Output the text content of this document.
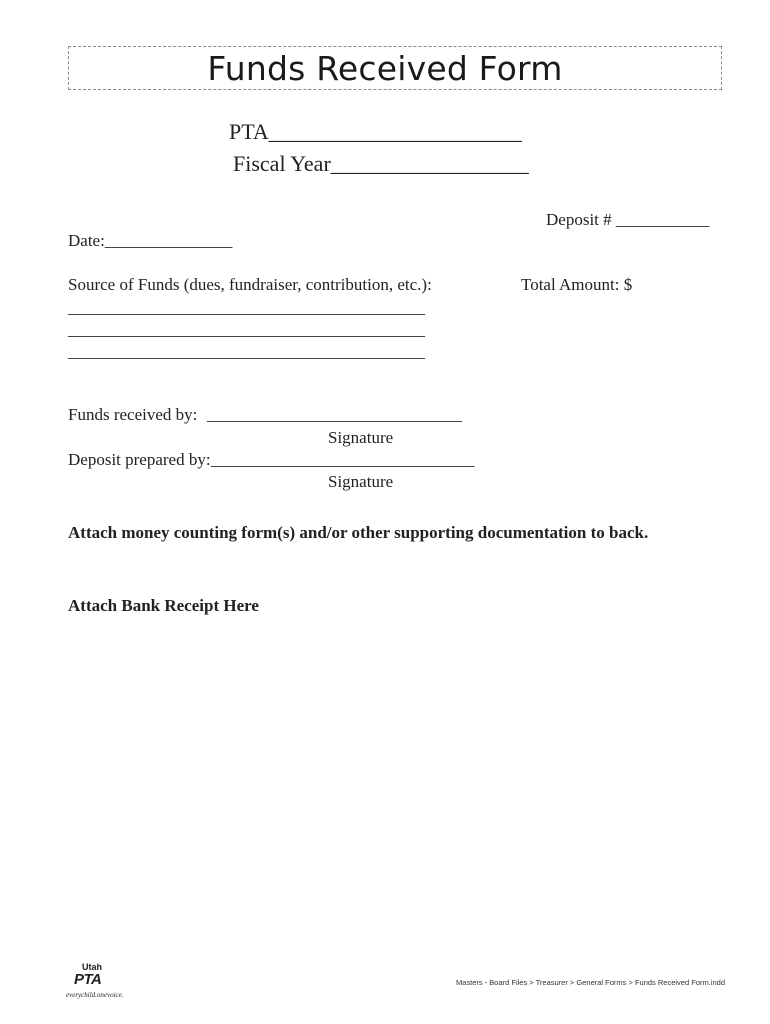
Funds Received Form
PTA_______________________
Fiscal Year__________________
Deposit # ___________
Date:_______________
Source of Funds (dues, fundraiser, contribution, etc.):	Total Amount: $
__________________________________________
__________________________________________
__________________________________________
Funds received by: ______________________________
Signature
Deposit prepared by: _______________________________
Signature
Attach money counting form(s) and/or other supporting documentation to back.
Attach Bank Receipt Here
Utah
PTA
everychild.onevoice.
Masters - Board Files > Treasurer > General Forms > Funds Received Form.indd
